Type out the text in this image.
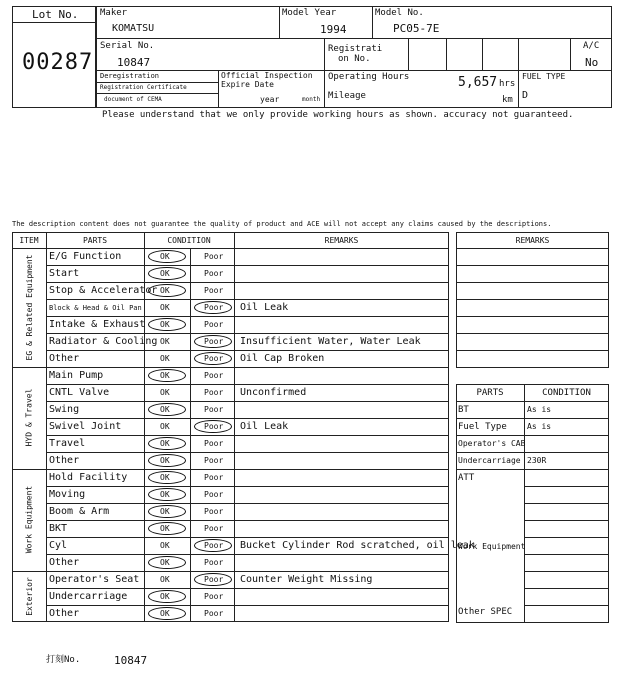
Lot No.
00287
Maker
KOMATSU
Model Year
1994
Model No.
PC05-7E
Serial No.
10847
Registrati
on No.
A/C
No
Deregistration
Registration Certificate
document of CEMA
Official Inspection
Expire Date
year	month
Operating Hours	5,657 hrs
Mileage	km
FUEL TYPE
D
Please understand that we only provide working hours as shown. accuracy not guaranteed.
The description content does not guarantee the quality of product and ACE will not accept any claims caused by the descriptions.
ITEM	PARTS	CONDITION	REMARKS
E/G Function	OK	Poor
Start	OK	Poor
Stop & Accelerator OK	Poor
Block & Head & Oil Pan OK	Poor Oil Leak
Intake & Exhaust OK	Poor
Radiator & Cooling OK	Poor Insufficient Water, Water Leak
Other	OK	Poor Oil Cap Broken
EG & Related Equipment
Main Pump	OK	Poor
CNTL Valve	OK	Poor Unconfirmed
Swing	OK	Poor
Swivel Joint	OK	Poor Oil Leak
Travel	OK	Poor
Other	OK	Poor
HYD & Travel
Hold Facility	OK	Poor
Moving	OK	Poor
Boom & Arm	OK	Poor
BKT	OK	Poor
Cyl	OK	Poor Bucket Cylinder Rod scratched, oil leak
Other	OK	Poor
Work Equipment
Operator's Seat	OK	Poor Counter Weight Missing
Undercarriage	OK	Poor
Other	OK	Poor
Exterior
REMARKS
PARTS	CONDITION
BT	As is
Fuel Type	As is
Operator's CAB
Undercarriage 230R
ATT
Work Equipment
Other SPEC
打刻No.	10847
